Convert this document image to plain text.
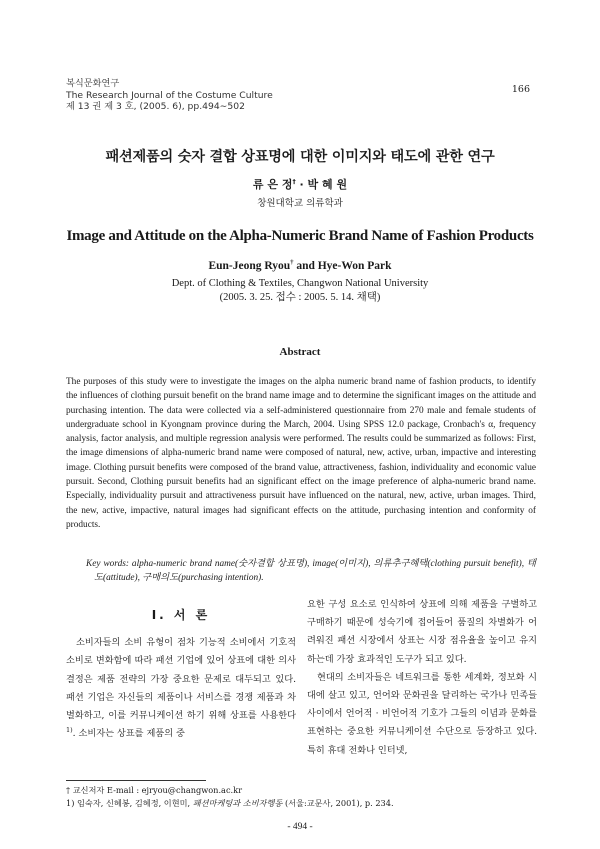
복식문화연구
The Research Journal of the Costume Culture
제 13 권 제 3 호, (2005. 6), pp.494∼502
166
패션제품의 숫자 결합 상표명에 대한 이미지와 태도에 관한 연구
류 은 정† · 박 혜 원
창원대학교 의류학과
Image and Attitude on the Alpha-Numeric Brand Name of Fashion Products
Eun-Jeong Ryou† and Hye-Won Park
Dept. of Clothing & Textiles, Changwon National University
(2005. 3. 25. 접수 : 2005. 5. 14. 채택)
Abstract
The purposes of this study were to investigate the images on the alpha numeric brand name of fashion products, to identify the influences of clothing pursuit benefit on the brand name image and to determine the significant images on the attitude and purchasing intention. The data were collected via a self-administered questionnaire from 270 male and female students of undergraduate school in Kyongnam province during the March, 2004. Using SPSS 12.0 package, Cronbach's α, frequency analysis, factor analysis, and multiple regression analysis were performed. The results could be summarized as follows: First, the image dimensions of alpha-numeric brand name were composed of natural, new, active, urban, impactive and interesting image. Clothing pursuit benefits were composed of the brand value, attractiveness, fashion, individuality and economic value pursuit. Second, Clothing pursuit benefits had an significant effect on the image preference of alpha-numeric brand name. Especially, individuality pursuit and attractiveness pursuit have influenced on the natural, new, active, urban images. Third, the new, active, impactive, natural images had significant effects on the attitude, purchasing intention and conformity of products.
Key words: alpha-numeric brand name(숫자결합 상표명), image(이미지), 의류추구혜택(clothing pursuit benefit), 태도(attitude), 구매의도(purchasing intention).
Ⅰ. 서 론

소비자들의 소비 유형이 점차 기능적 소비에서 기호적 소비로 변화함에 따라 패션 기업에 있어 상표에 대한 의사 결정은 제품 전략의 가장 중요한 문제로 대두되고 있다. 패션 기업은 자신들의 제품이나 서비스를 경쟁 제품과 차별화하고, 이를 커뮤니케이션 하기 위해 상표를 사용한다$^{1)}$. 소비자는 상표를 제품의 중

요한 구성 요소로 인식하여 상표에 의해 제품을 구별하고 구매하기 때문에 성숙기에 접어들어 품질의 차별화가 어려워진 패션 시장에서 상표는 시장 점유율을 높이고 유지하는데 가장 효과적인 도구가 되고 있다.

현대의 소비자들은 네트워크를 통한 세계화, 정보화 시대에 살고 있고, 언어와 문화권을 달리하는 국가나 민족들 사이에서 언어적 · 비언어적 기호가 그들의 이념과 문화를 표현하는 중요한 커뮤니케이션 수단으로 등장하고 있다. 특히 휴대 전화나 인터넷,

† 교신저자 E-mail : ejryou@changwon.ac.kr
1) 임숙자, 신혜봉, 김혜정, 이현미, 패션마케팅과 소비자행동 (서울:교문사, 2001), p. 234.
- 494 -
